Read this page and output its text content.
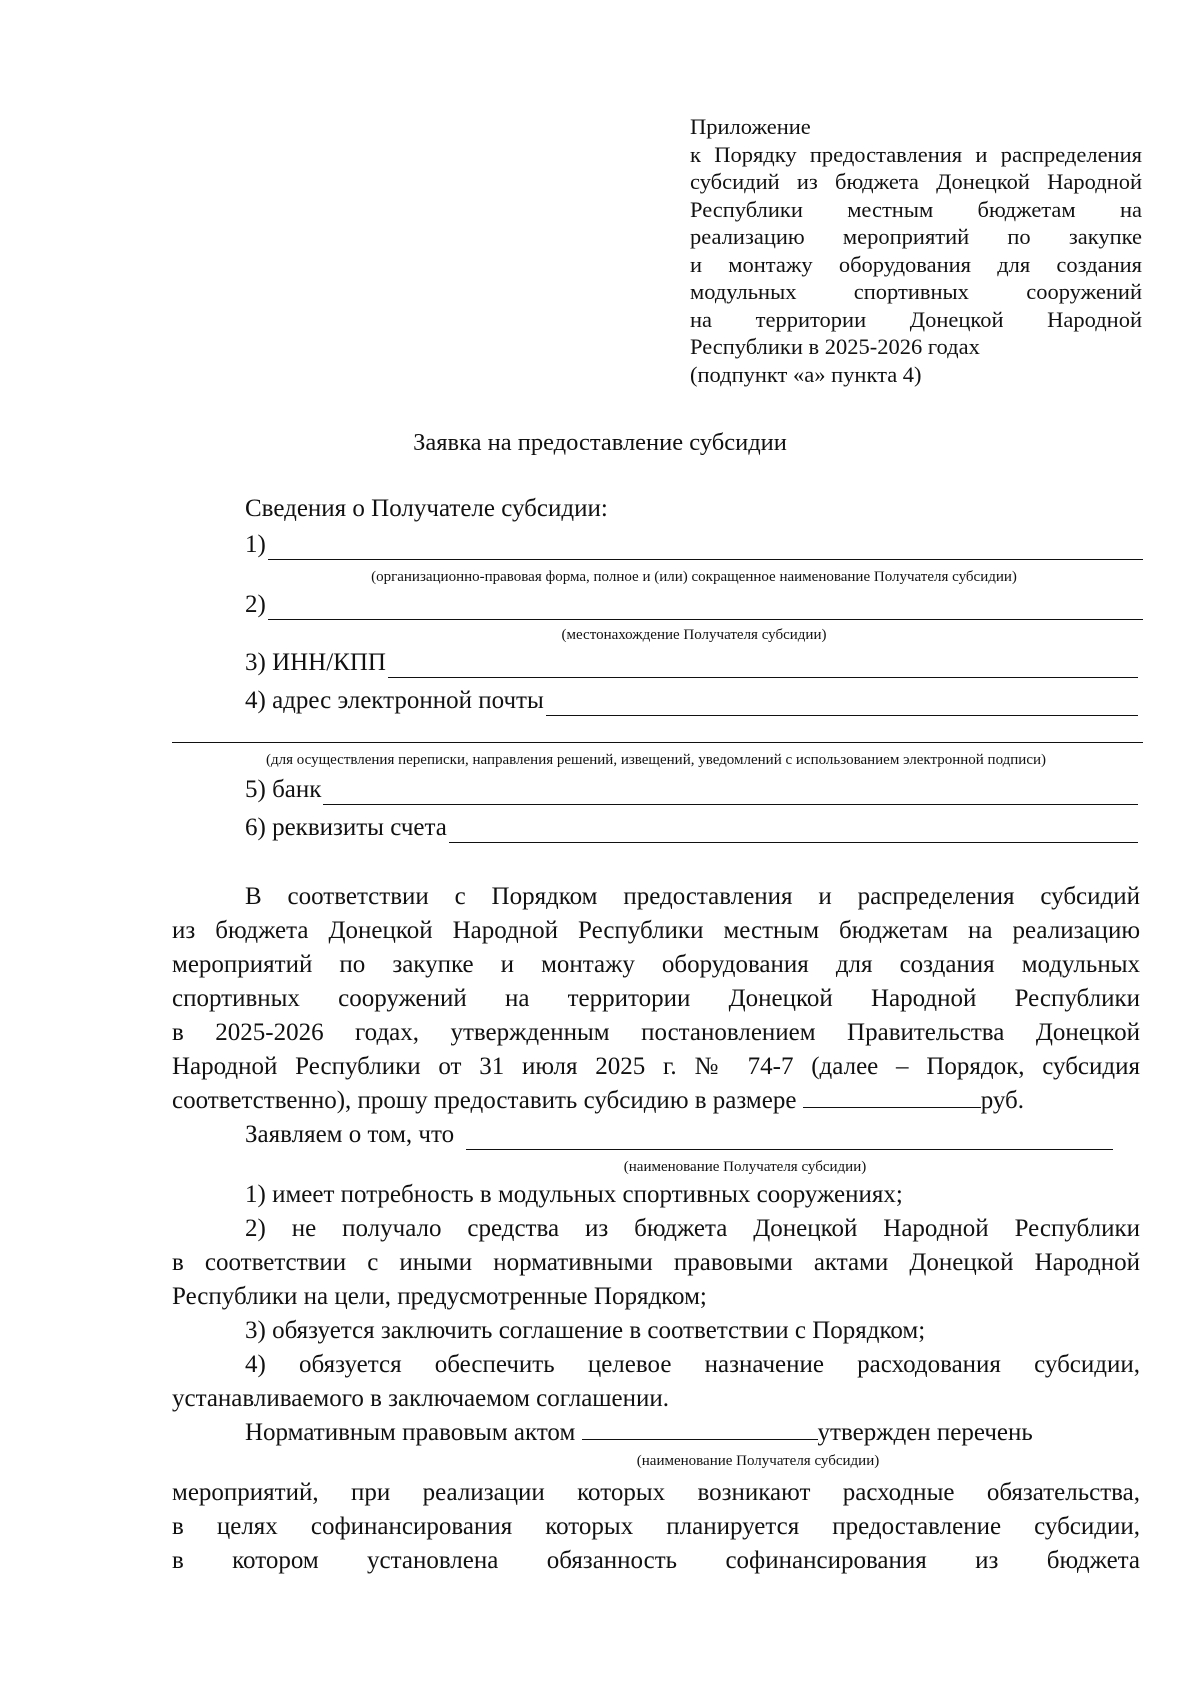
Приложение
к Порядку предоставления и распределения
субсидий из бюджета Донецкой Народной
Республики местным бюджетам на
реализацию мероприятий по закупке
и монтажу оборудования для создания
модульных спортивных сооружений
на территории Донецкой Народной
Республики в 2025-2026 годах
(подпункт «а» пункта 4)
Заявка на предоставление субсидии
Сведения о Получателе субсидии:
1)
(организационно-правовая форма, полное и (или) сокращенное наименование Получателя субсидии)
2)
(местонахождение Получателя субсидии)
3) ИНН/КПП
4) адрес электронной почты
(для осуществления переписки, направления решений, извещений, уведомлений с использованием электронной подписи)
5) банк
6) реквизиты счета
В соответствии с Порядком предоставления и распределения субсидий
из бюджета Донецкой Народной Республики местным бюджетам на реализацию
мероприятий по закупке и монтажу оборудования для создания модульных
спортивных сооружений на территории Донецкой Народной Республики
в 2025-2026 годах, утвержденным постановлением Правительства Донецкой
Народной Республики от 31 июля 2025 г. № 74-7 (далее – Порядок, субсидия
соответственно), прошу предоставить субсидию в размере	руб.
Заявляем о том, что
(наименование Получателя субсидии)
1) имеет потребность в модульных спортивных сооружениях;
2) не получало средства из бюджета Донецкой Народной Республики
в соответствии с иными нормативными правовыми актами Донецкой Народной
Республики на цели, предусмотренные Порядком;
3) обязуется заключить соглашение в соответствии с Порядком;
4) обязуется обеспечить целевое назначение расходования субсидии,
устанавливаемого в заключаемом соглашении.
Нормативным правовым актом	утвержден перечень
(наименование Получателя субсидии)
мероприятий, при реализации которых возникают расходные обязательства,
в целях софинансирования которых планируется предоставление субсидии,
в котором установлена обязанность софинансирования из бюджета
